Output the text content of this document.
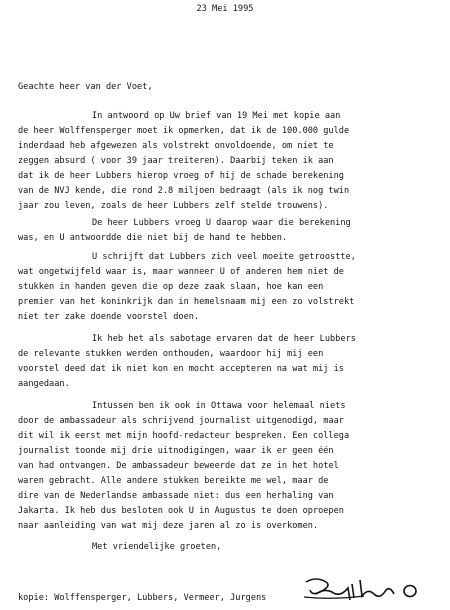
23 Mei 1995
Geachte heer van der Voet,
In antwoord op Uw brief van 19 Mei met kopie aan
de heer Wolffensperger moet ik opmerken, dat ik de 100.000 gulde
inderdaad heb afgewezen als volstrekt onvoldoende, om niet te
zeggen absurd ( voor 39 jaar treiteren). Daarbij teken ik aan
dat ik de heer Lubbers hierop vroeg of hij de schade berekening
van de NVJ kende, die rond 2.8 miljoen bedraagt (als ik nog twin
jaar zou leven, zoals de heer Lubbers zelf stelde trouwens).
De heer Lubbers vroeg U daarop waar die berekening
was, en U antwoordde die niet bij de hand te hebben.
U schrijft dat Lubbers zich veel moeite getroostte,
wat ongetwijfeld waar is, maar wanneer U of anderen hem niet de
stukken in handen geven die op deze zaak slaan, hoe kan een
premier van het koninkrijk dan in hemelsnaam mij een zo volstrekt
niet ter zake doende voorstel doen.
Ik heb het als sabotage ervaren dat de heer Lubbers
de relevante stukken werden onthouden, waardoor hij mij een
voorstel deed dat ik niet kon en mocht accepteren na wat mij is
aangedaan.
Intussen ben ik ook in Ottawa voor helemaal niets
door de ambassadeur als schrijvend journalist uitgenodigd, maar
dit wil ik eerst met mijn hoofd-redacteur bespreken. Een collega
journalist toonde mij drie uitnodigingen, waar ik er geen één
van had ontvangen. De ambassadeur beweerde dat ze in het hotel
waren gebracht. Alle andere stukken bereikte me wel, maar de
dire van de Nederlandse ambassade niet: dus een herhaling van
Jakarta. Ik heb dus besloten ook U in Augustus te doen oproepen
naar aanleiding van wat mij deze jaren al zo is overkomen.
Met vriendelijke groeten,
kopie: Wolffensperger, Lubbers, Vermeer, Jurgens
